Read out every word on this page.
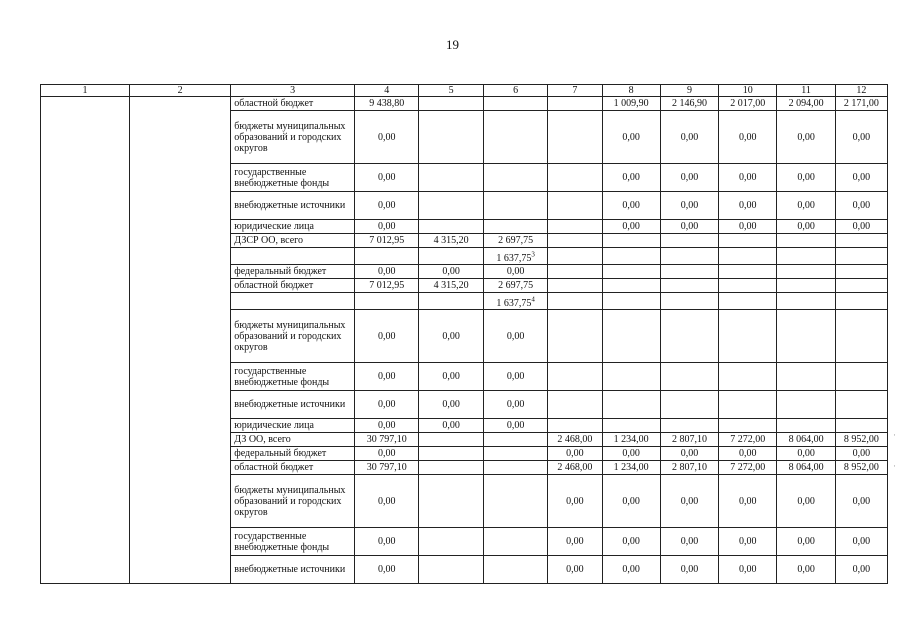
19
1	2	3	4	5	6	7	8	9	10	11	12
		областной бюджет	9 438,80				1 009,90	2 146,90	2 017,00	2 094,00	2 171,00
		бюджеты муниципальных образований и городских округов	0,00				0,00	0,00	0,00	0,00	0,00
		государственные внебюджетные фонды	0,00				0,00	0,00	0,00	0,00	0,00
		внебюджетные источники	0,00				0,00	0,00	0,00	0,00	0,00
		юридические лица	0,00				0,00	0,00	0,00	0,00	0,00
		ДЗСР ОО, всего	7 012,95	4 315,20	2 697,75						
					1 637,75$^3$						
		федеральный бюджет	0,00	0,00	0,00						
		областной бюджет	7 012,95	4 315,20	2 697,75						
					1 637,75$^4$						
		бюджеты муниципальных образований и городских округов	0,00	0,00	0,00						
		государственные внебюджетные фонды	0,00	0,00	0,00						
		внебюджетные источники	0,00	0,00	0,00						
		юридические лица	0,00	0,00	0,00						
		ДЗ ОО, всего	30 797,10			2 468,00	1 234,00	2 807,10	7 272,00	8 064,00	8 952,00
		федеральный бюджет	0,00			0,00	0,00	0,00	0,00	0,00	0,00
		областной бюджет	30 797,10			2 468,00	1 234,00	2 807,10	7 272,00	8 064,00	8 952,00
		бюджеты муниципальных образований и городских округов	0,00			0,00	0,00	0,00	0,00	0,00	0,00
		государственные внебюджетные фонды	0,00			0,00	0,00	0,00	0,00	0,00	0,00
		внебюджетные источники	0,00			0,00	0,00	0,00	0,00	0,00	0,00
·
·
